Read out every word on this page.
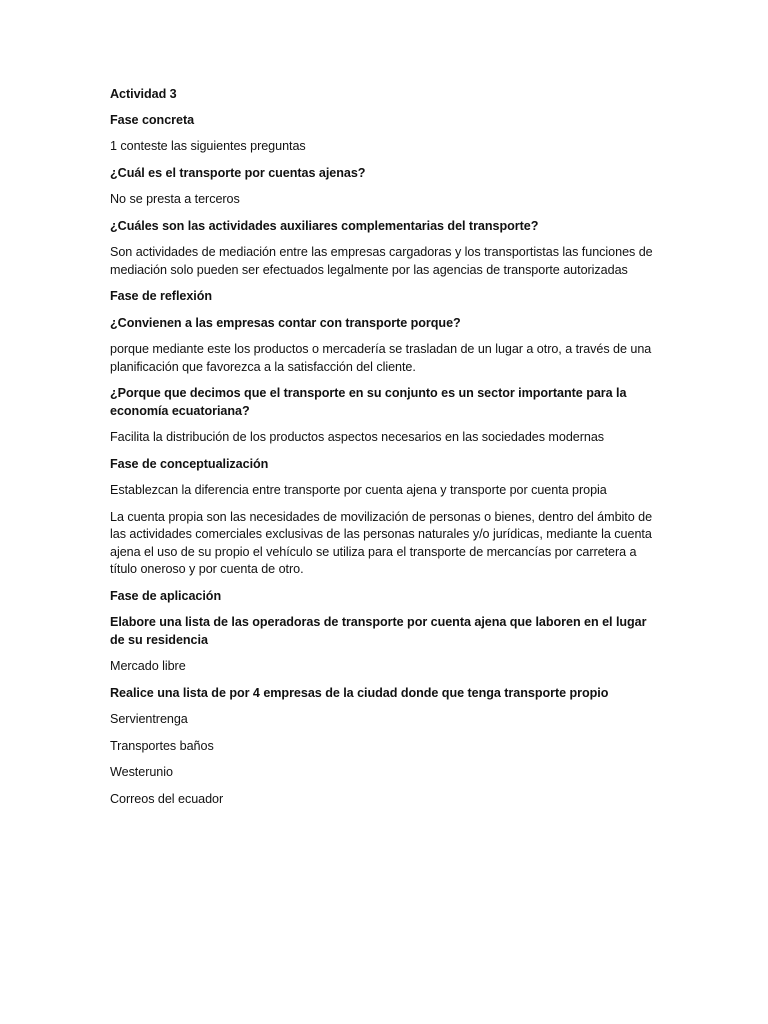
Actividad 3
Fase concreta
1 conteste las siguientes preguntas
¿Cuál es el transporte por cuentas ajenas?
No se presta a terceros
¿Cuáles son las actividades auxiliares complementarias del transporte?
Son actividades de mediación entre las empresas cargadoras y los transportistas las funciones de mediación solo pueden ser efectuados legalmente por las agencias de transporte autorizadas
Fase de reflexión
¿Convienen a las empresas contar con transporte porque?
porque mediante este los productos o mercadería se trasladan de un lugar a otro, a través de una planificación que favorezca a la satisfacción del cliente.
¿Porque que decimos que el transporte en su conjunto es un sector importante para la economía ecuatoriana?
Facilita la distribución de los productos aspectos necesarios en las sociedades modernas
Fase de conceptualización
Establezcan la diferencia entre transporte por cuenta ajena y transporte por cuenta propia
La cuenta propia son las necesidades de movilización de personas o bienes, dentro del ámbito de las actividades comerciales exclusivas de las personas naturales y/o jurídicas, mediante la cuenta ajena el uso de su propio el vehículo se utiliza para el transporte de mercancías por carretera a título oneroso y por cuenta de otro.
Fase de aplicación
Elabore una lista de las operadoras de transporte por cuenta ajena que laboren en el lugar de su residencia
Mercado libre
Realice una lista de por 4 empresas de la ciudad donde que tenga transporte propio
Servientrenga
Transportes baños
Westerunio
Correos del ecuador
